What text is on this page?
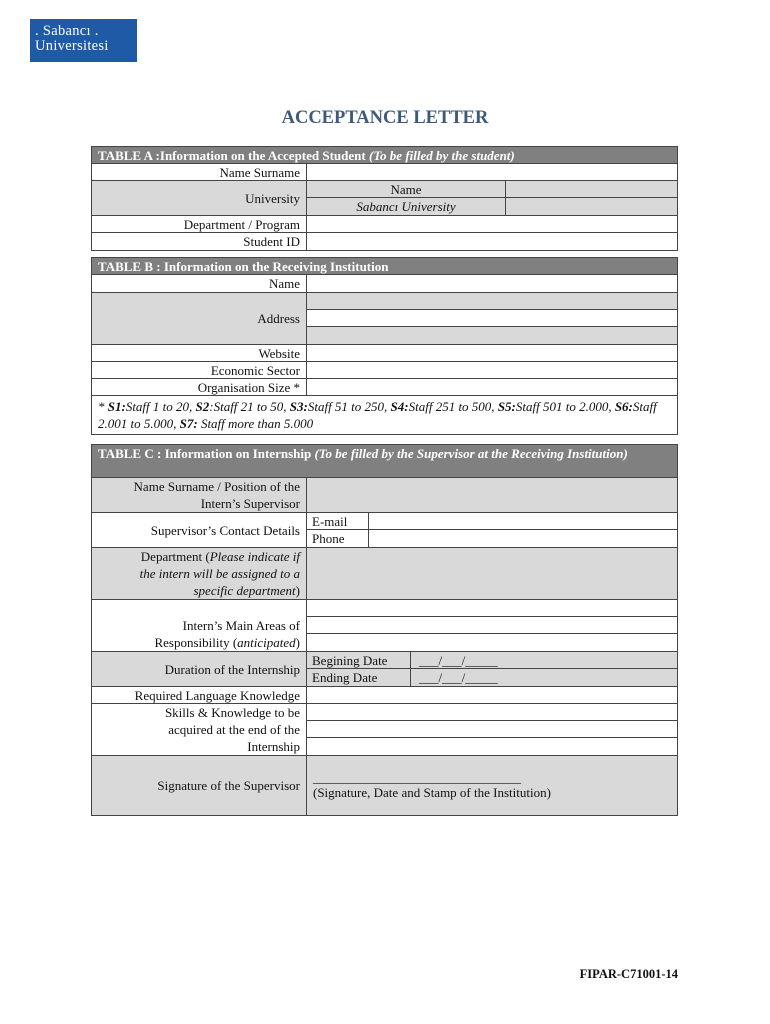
. Sabancı .
Universitesi
ACCEPTANCE LETTER
TABLE A :Information on the Accepted Student (To be filled by the student)
Name Surname
University
Name
Sabancı University
Department / Program
Student ID
TABLE B : Information on the Receiving Institution
Name
Address
Website
Economic Sector
Organisation Size *
* S1:Staff 1 to 20, S2:Staff 21 to 50, S3:Staff 51 to 250, S4:Staff 251 to 500, S5:Staff 501 to 2.000, S6:Staff 2.001 to 5.000, S7: Staff more than 5.000
TABLE C : Information on Internship (To be filled by the Supervisor at the Receiving Institution)
Name Surname / Position of the
Intern’s Supervisor
Supervisor’s Contact Details
E-mail
Phone
Department (Please indicate if
the intern will be assigned to a
specific department)
Intern’s Main Areas of
Responsibility (anticipated)
Duration of the Internship
Begining Date	___/___/_____
Ending Date	___/___/_____
Required Language Knowledge
Skills & Knowledge to be
acquired at the end of the
Internship
Signature of the Supervisor
________________________________
(Signature, Date and Stamp of the Institution)
FIPAR-C71001-14
